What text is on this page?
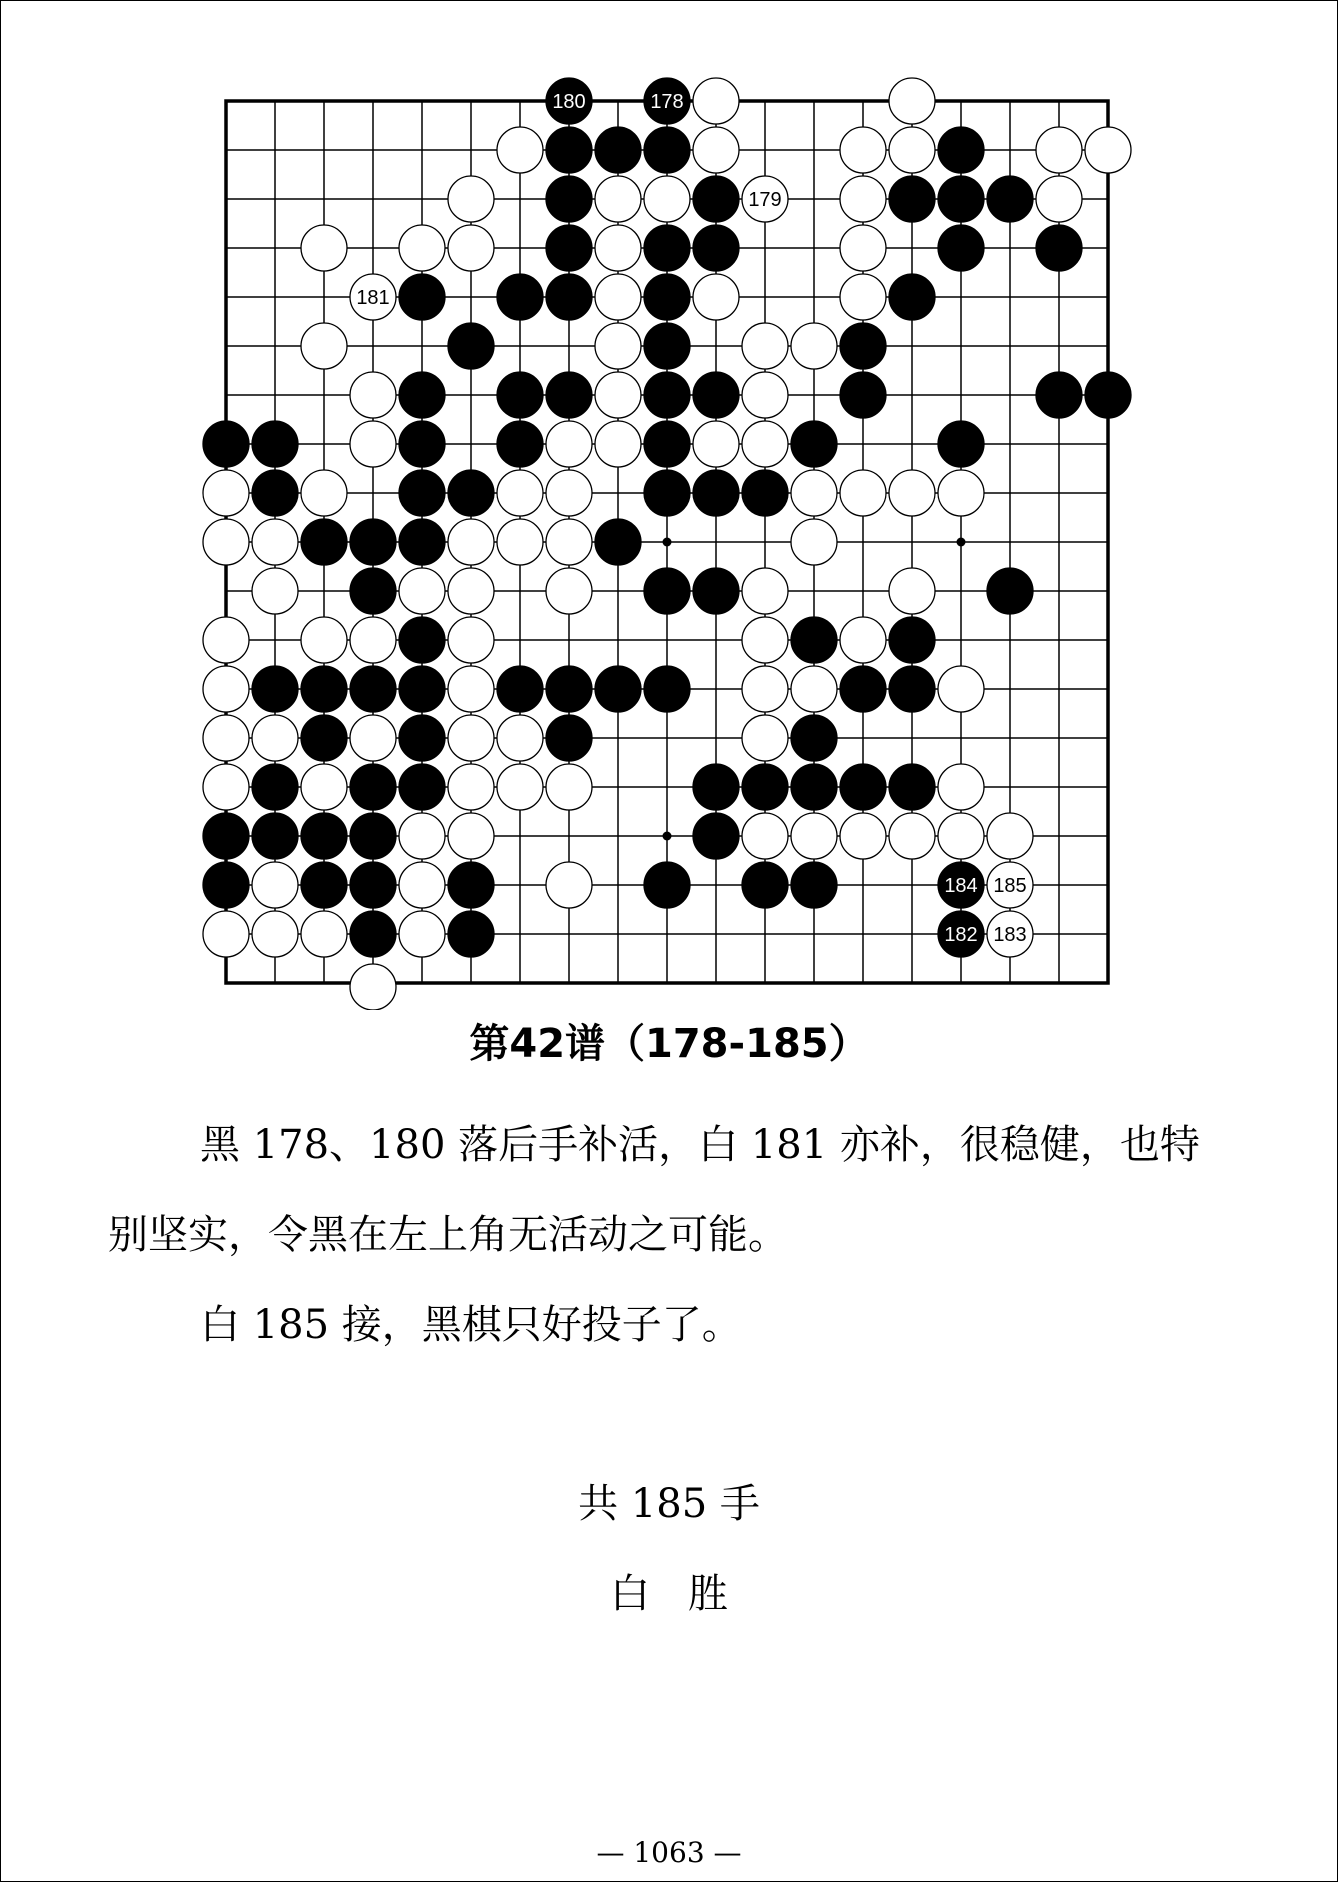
179
181
184 185
182 183
180	178
第42谱（178-185）

黑 178、180 落后手补活，白 181 亦补，很稳健，也特别坚实，令黑在左上角无活动之可能。

白 185 接，黑棋只好投子了。

共 185 手
白胜
— 1063 —
